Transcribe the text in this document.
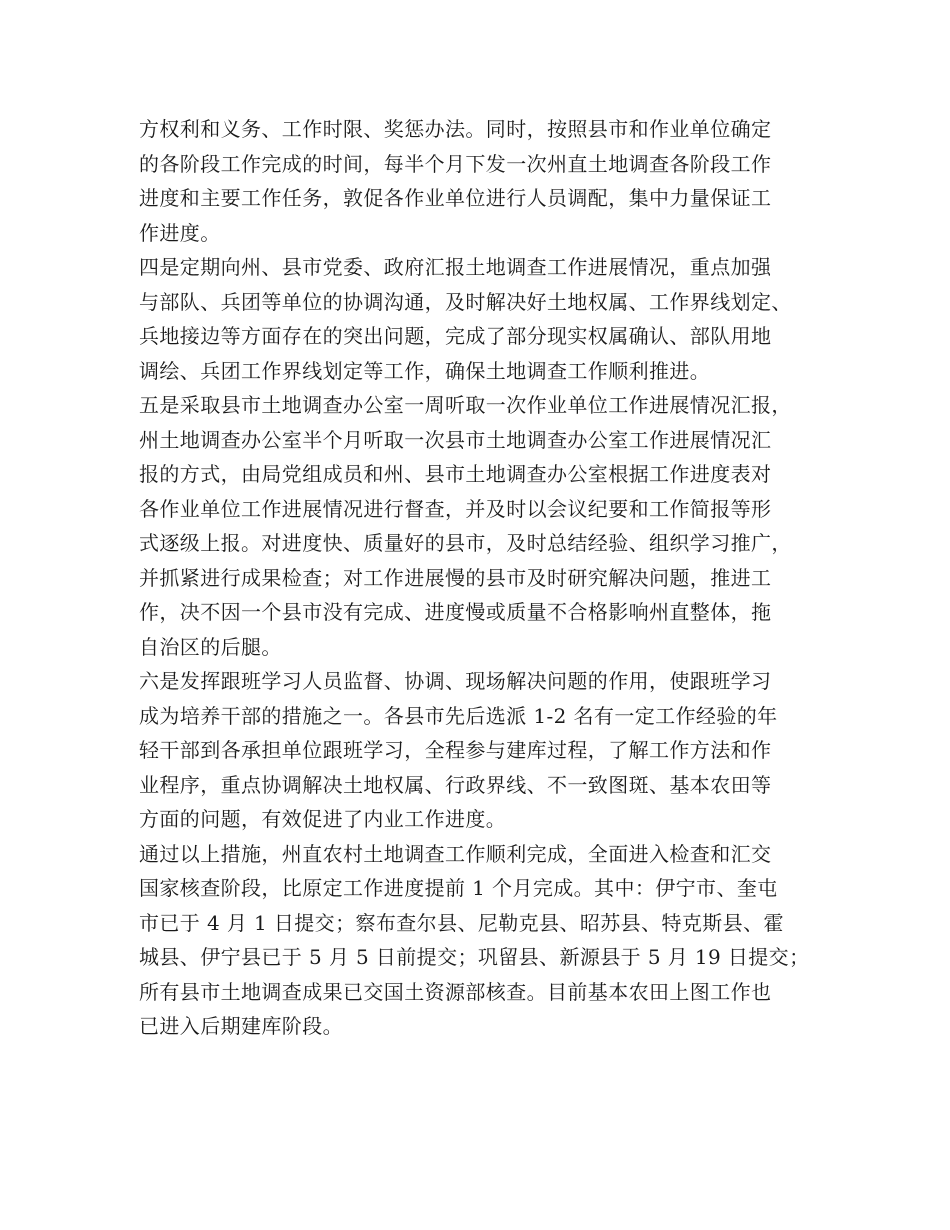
方权利和义务、工作时限、奖惩办法。同时，按照县市和作业单位确定
的各阶段工作完成的时间，每半个月下发一次州直土地调查各阶段工作
进度和主要工作任务，敦促各作业单位进行人员调配，集中力量保证工
作进度。
四是定期向州、县市党委、政府汇报土地调查工作进展情况，重点加强
与部队、兵团等单位的协调沟通，及时解决好土地权属、工作界线划定、
兵地接边等方面存在的突出问题，完成了部分现实权属确认、部队用地
调绘、兵团工作界线划定等工作，确保土地调查工作顺利推进。
五是采取县市土地调查办公室一周听取一次作业单位工作进展情况汇报，
州土地调查办公室半个月听取一次县市土地调查办公室工作进展情况汇
报的方式，由局党组成员和州、县市土地调查办公室根据工作进度表对
各作业单位工作进展情况进行督查，并及时以会议纪要和工作简报等形
式逐级上报。对进度快、质量好的县市，及时总结经验、组织学习推广，
并抓紧进行成果检查；对工作进展慢的县市及时研究解决问题，推进工
作，决不因一个县市没有完成、进度慢或质量不合格影响州直整体，拖
自治区的后腿。
六是发挥跟班学习人员监督、协调、现场解决问题的作用，使跟班学习
成为培养干部的措施之一。各县市先后选派 1-2 名有一定工作经验的年
轻干部到各承担单位跟班学习，全程参与建库过程，了解工作方法和作
业程序，重点协调解决土地权属、行政界线、不一致图斑、基本农田等
方面的问题，有效促进了内业工作进度。
通过以上措施，州直农村土地调查工作顺利完成，全面进入检查和汇交
国家核查阶段，比原定工作进度提前 1 个月完成。其中：伊宁市、奎屯
市已于 4 月 1 日提交；察布查尔县、尼勒克县、昭苏县、特克斯县、霍
城县、伊宁县已于 5 月 5 日前提交；巩留县、新源县于 5 月 19 日提交；
所有县市土地调查成果已交国土资源部核查。目前基本农田上图工作也
已进入后期建库阶段。
